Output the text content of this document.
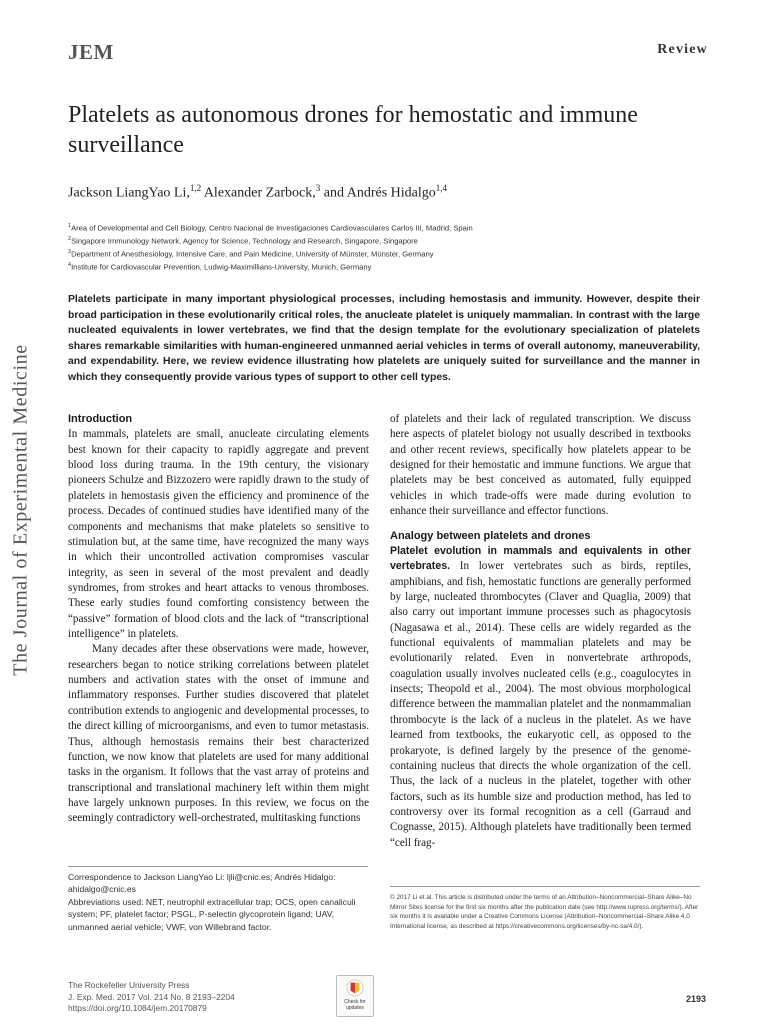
JEM	Review
The Journal of Experimental Medicine
Platelets as autonomous drones for hemostatic and immune surveillance
Jackson LiangYao Li,$^{1,2}$ Alexander Zarbock,$^3$ and Andrés Hidalgo$^{1,4}$
$^1$Area of Developmental and Cell Biology, Centro Nacional de Investigaciones Cardiovasculares Carlos III, Madrid, Spain
$^2$Singapore Immunology Network, Agency for Science, Technology and Research, Singapore, Singapore
$^3$Department of Anesthesiology, Intensive Care, and Pain Medicine, University of Münster, Münster, Germany
$^4$Institute for Cardiovascular Prevention, Ludwig-Maximillians-University, Munich, Germany
Platelets participate in many important physiological processes, including hemostasis and immunity. However, despite their broad participation in these evolutionarily critical roles, the anucleate platelet is uniquely mammalian. In contrast with the large nucleated equivalents in lower vertebrates, we find that the design template for the evolutionary specialization of platelets shares remarkable similarities with human-engineered unmanned aerial vehicles in terms of overall autonomy, maneuverability, and expendability. Here, we review evidence illustrating how platelets are uniquely suited for surveillance and the manner in which they consequently provide various types of support to other cell types.

Introduction

In mammals, platelets are small, anucleate circulating elements best known for their capacity to rapidly aggregate and prevent blood loss during trauma. In the 19th century, the visionary pioneers Schulze and Bizzozero were rapidly drawn to the study of platelets in hemostasis given the efficiency and prominence of the process. Decades of continued studies have identified many of the components and mechanisms that make platelets so sensitive to stimulation but, at the same time, have recognized the many ways in which their uncontrolled activation compromises vascular integrity, as seen in several of the most prevalent and deadly syndromes, from strokes and heart attacks to venous thromboses. These early studies found comforting consistency between the “passive” formation of blood clots and the lack of “transcriptional intelligence” in platelets.

Many decades after these observations were made, however, researchers began to notice striking correlations between platelet numbers and activation states with the onset of immune and inflammatory responses. Further studies discovered that platelet contribution extends to angiogenic and developmental processes, to the direct killing of microorganisms, and even to tumor metastasis. Thus, although hemostasis remains their best characterized function, we now know that platelets are used for many additional tasks in the organism. It follows that the vast array of proteins and transcriptional and translational machinery left within them might have largely unknown purposes. In this review, we focus on the seemingly contradictory well-orchestrated, multitasking functions

of platelets and their lack of regulated transcription. We discuss here aspects of platelet biology not usually described in textbooks and other recent reviews, specifically how platelets appear to be designed for their hemostatic and immune functions. We argue that platelets may be best conceived as automated, fully equipped vehicles in which trade-offs were made during evolution to enhance their surveillance and effector functions.

Analogy between platelets and drones

Platelet evolution in mammals and equivalents in other vertebrates. In lower vertebrates such as birds, reptiles, amphibians, and fish, hemostatic functions are generally performed by large, nucleated thrombocytes (Claver and Quaglia, 2009) that also carry out important immune processes such as phagocytosis (Nagasawa et al., 2014). These cells are widely regarded as the functional equivalents of mammalian platelets and may be evolutionarily related. Even in nonvertebrate arthropods, coagulation usually involves nucleated cells (e.g., coagulocytes in insects; Theopold et al., 2004). The most obvious morphological difference between the mammalian platelet and the nonmammalian thrombocyte is the lack of a nucleus in the platelet. As we have learned from textbooks, the eukaryotic cell, as opposed to the prokaryote, is defined largely by the presence of the genome-containing nucleus that directs the whole organization of the cell. Thus, the lack of a nucleus in the platelet, together with other factors, such as its humble size and production method, has led to controversy over its formal recognition as a cell (Garraud and Cognasse, 2015). Although platelets have traditionally been termed “cell frag-

Correspondence to Jackson LiangYao Li: ljli@cnic.es; Andrés Hidalgo: ahidalgo@cnic.es
Abbreviations used: NET, neutrophil extracellular trap; OCS, open canaliculi system; PF, platelet factor; PSGL, P-selectin glycoprotein ligand; UAV, unmanned aerial vehicle; VWF, von Willebrand factor.
© 2017 Li et al. This article is distributed under the terms of an Attribution–Noncommercial–Share Alike–No Mirror Sites license for the first six months after the publication date (see http://www.rupress.org/terms/). After six months it is available under a Creative Commons License (Attribution–Noncommercial–Share Alike 4.0 International license, as described at https://creativecommons.org/licenses/by-nc-sa/4.0/).
The Rockefeller University Press
J. Exp. Med. 2017 Vol. 214 No. 8 2193–2204
https://doi.org/10.1084/jem.20170879
Check for updates
2193
